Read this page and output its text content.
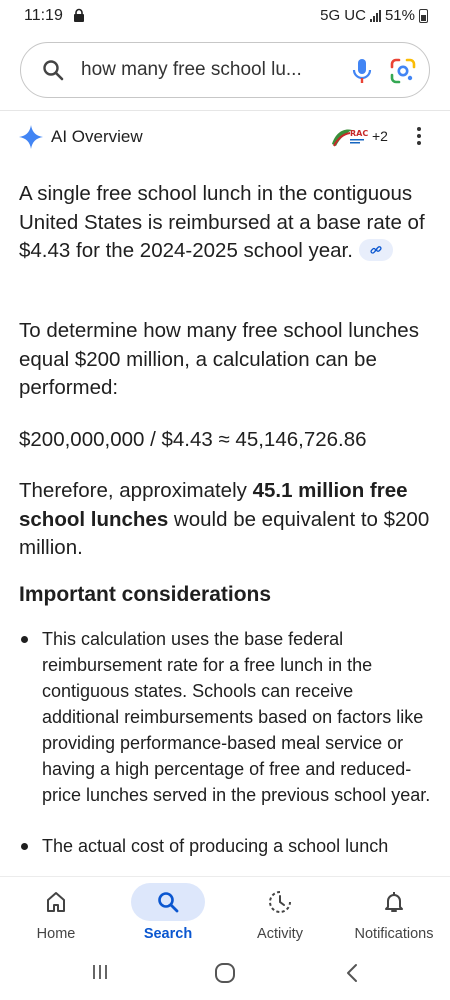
11:19	5G UC 51%
how many free school lu...
AI Overview	RAC +2

A single free school lunch in the contiguous United States is reimbursed at a base rate of $4.43 for the 2024-2025 school year.

To determine how many free school lunches equal $200 million, a calculation can be performed:

$200,000,000 / $4.43 ≈ 45,146,726.86

Therefore, approximately 45.1 million free school lunches would be equivalent to $200 million.

Important considerations
This calculation uses the base federal reimbursement rate for a free lunch in the contiguous states. Schools can receive additional reimbursements based on factors like providing performance-based meal service or having a high percentage of free and reduced-price lunches served in the previous school year.
The actual cost of producing a school lunch
Home	Search	Activity	Notifications
